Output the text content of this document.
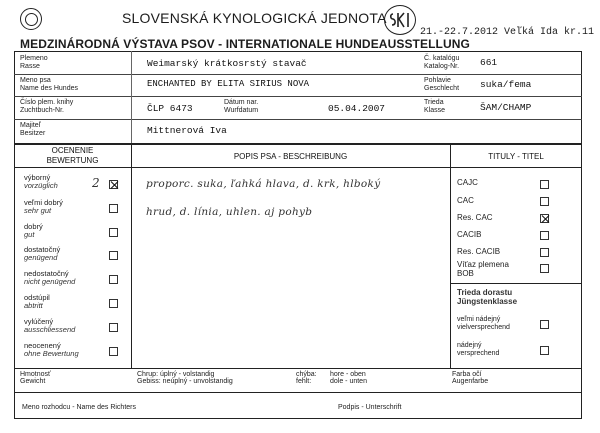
SLOVENSKÁ KYNOLOGICKÁ JEDNOTA
21.-22.7.2012 Veľká Ida kr.11
MEDZINÁRODNÁ VÝSTAVA PSOV - INTERNATIONALE HUNDEAUSSTELLUNG
Plemeno
Rasse	Weimarský krátkosrstý stavač	Č. katalógu
Katalog-Nr. 661
Meno psa
Name des Hundes	ENCHANTED BY ELITA SIRIUS NOVA	Pohlavie
Geschlecht suka/fema
Číslo plem. knihy
Zuchtbuch-Nr.	ČLP 6473
Dátum nar.
Wurfdatum	05.04.2007
Trieda
Klasse	ŠAM/CHAMP
Majiteľ
Besitzer	Mittnerová Iva
OCENENIE
BEWERTUNG
výborný
vorzüglich	2
veľmi dobrý
sehr gut
dobrý
gut
dostatočný
genügend
nedostatočný
nicht genügend
odstúpil
abtritt
vylúčený
ausschliessend
neocenený
ohne Bewertung
POPIS PSA - BESCHREIBUNG
proporc. suka, ľahká hlava, d. krk, hlboký
hrud, d. línia, uhlen. aj pohyb
TITULY - TITEL
CAJC
CAC
Res. CAC
CACIB
Res. CACIB
Víťaz plemena
BOB
Trieda dorastu
Jüngstenklasse
veľmi nádejný
vielversprechend
nádejný
versprechend
Hmotnosť
Gewicht
Chrup: úplný - volstandig
Gebiss: neúplný - unvolstandig
chýba:
fehlt:
hore - oben
dole - unten
Farba očí
Augenfarbe
Meno rozhodcu - Name des Richters	Podpis - Unterschrift
